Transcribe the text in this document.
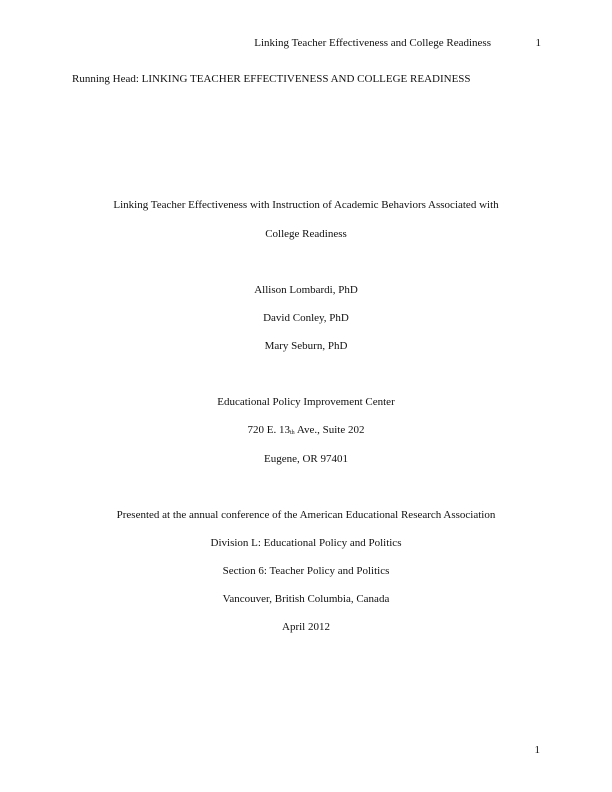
Linking Teacher Effectiveness and College Readiness	1
Running Head: LINKING TEACHER EFFECTIVENESS AND COLLEGE READINESS
Linking Teacher Effectiveness with Instruction of Academic Behaviors Associated with
College Readiness
Allison Lombardi, PhD
David Conley, PhD
Mary Seburn, PhD
Educational Policy Improvement Center
720 E. 13th Ave., Suite 202
Eugene, OR 97401
Presented at the annual conference of the American Educational Research Association
Division L: Educational Policy and Politics
Section 6: Teacher Policy and Politics
Vancouver, British Columbia, Canada
April 2012
1
